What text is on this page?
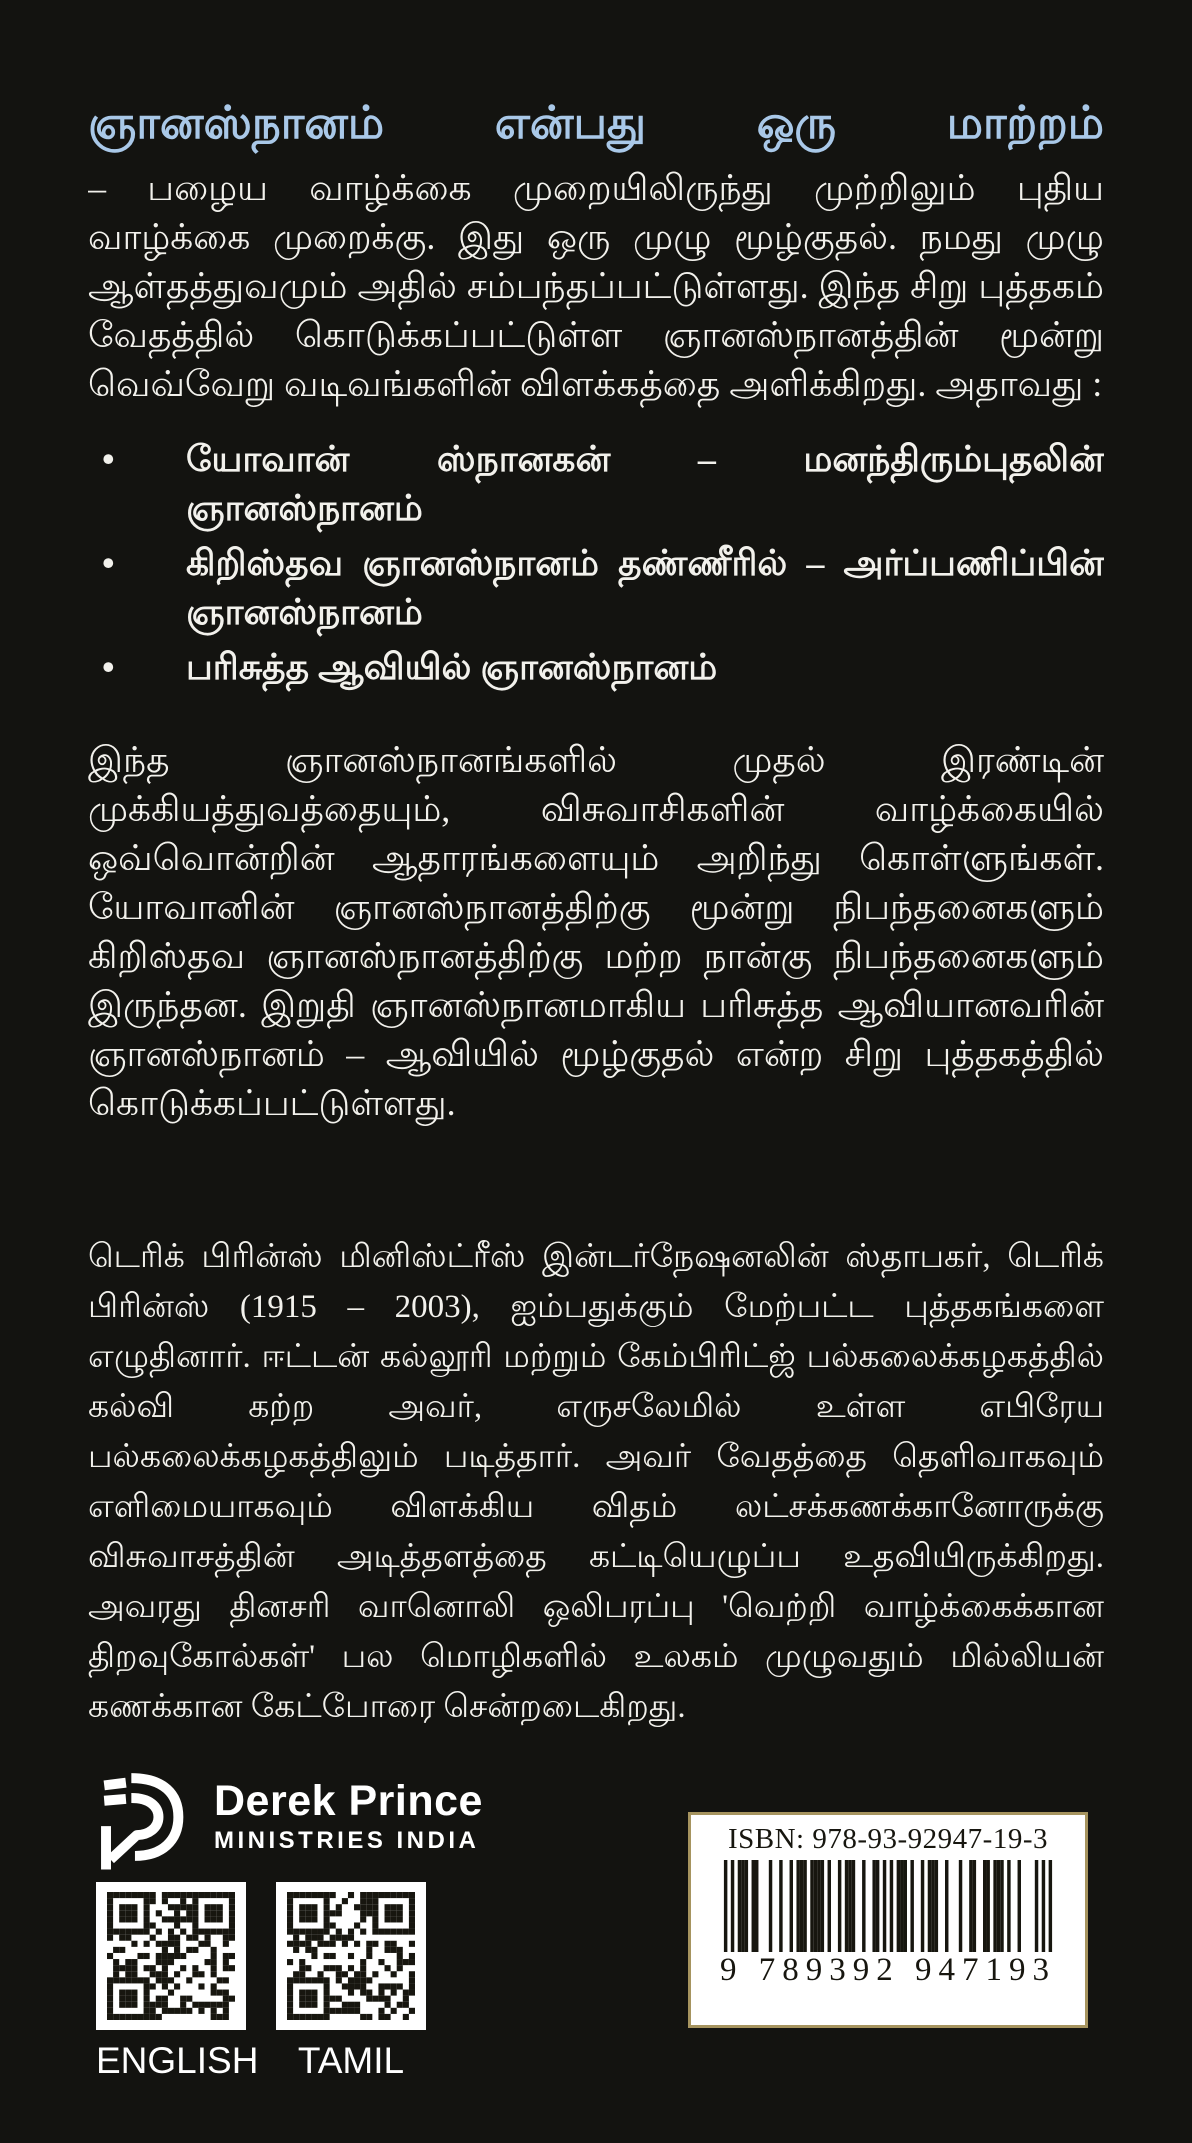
ஞானஸ்நானம் என்பது ஒரு மாற்றம்

– பழைய வாழ்க்கை முறையிலிருந்து முற்றிலும் புதிய வாழ்க்கை முறைக்கு. இது ஒரு முழு மூழ்குதல். நமது முழு ஆள்தத்துவமும் அதில் சம்பந்தப்பட்டுள்ளது. இந்த சிறு புத்தகம் வேதத்தில் கொடுக்கப்பட்டுள்ள ஞானஸ்நானத்தின் மூன்று வெவ்வேறு வடிவங்களின் விளக்கத்தை அளிக்கிறது. அதாவது :

•	யோவான் ஸ்நானகன் – மனந்திரும்புதலின் ஞானஸ்நானம்
•	கிறிஸ்தவ ஞானஸ்நானம் தண்ணீரில் – அர்ப்பணிப்பின் ஞானஸ்நானம்
•	பரிசுத்த ஆவியில் ஞானஸ்நானம்

இந்த ஞானஸ்நானங்களில் முதல் இரண்டின் முக்கியத்துவத்தையும், விசுவாசிகளின் வாழ்க்கையில் ஒவ்வொன்றின் ஆதாரங்களையும் அறிந்து கொள்ளுங்கள். யோவானின் ஞானஸ்நானத்திற்கு மூன்று நிபந்தனைகளும் கிறிஸ்தவ ஞானஸ்நானத்திற்கு மற்ற நான்கு நிபந்தனைகளும் இருந்தன. இறுதி ஞானஸ்நானமாகிய பரிசுத்த ஆவியானவரின் ஞானஸ்நானம் – ஆவியில் மூழ்குதல் என்ற சிறு புத்தகத்தில் கொடுக்கப்பட்டுள்ளது.

டெரிக் பிரின்ஸ் மினிஸ்ட்ரீஸ் இன்டர்நேஷனலின் ஸ்தாபகர், டெரிக் பிரின்ஸ் (1915 – 2003), ஐம்பதுக்கும் மேற்பட்ட புத்தகங்களை எழுதினார். ஈட்டன் கல்லூரி மற்றும் கேம்பிரிட்ஜ் பல்கலைக்கழகத்தில் கல்வி கற்ற அவர், எருசலேமில் உள்ள எபிரேய பல்கலைக்கழகத்திலும் படித்தார். அவர் வேதத்தை தெளிவாகவும் எளிமையாகவும் விளக்கிய விதம் லட்சக்கணக்கானோருக்கு விசுவாசத்தின் அடித்தளத்தை கட்டியெழுப்ப உதவியிருக்கிறது. அவரது தினசரி வானொலி ஒலிபரப்பு 'வெற்றி வாழ்க்கைக்கான திறவுகோல்கள்' பல மொழிகளில் உலகம் முழுவதும் மில்லியன் கணக்கான கேட்போரை சென்றடைகிறது.

Derek Prince
MINISTRIES INDIA
ENGLISH	TAMIL
ISBN: 978-93-92947-19-3
9 789392 947193
